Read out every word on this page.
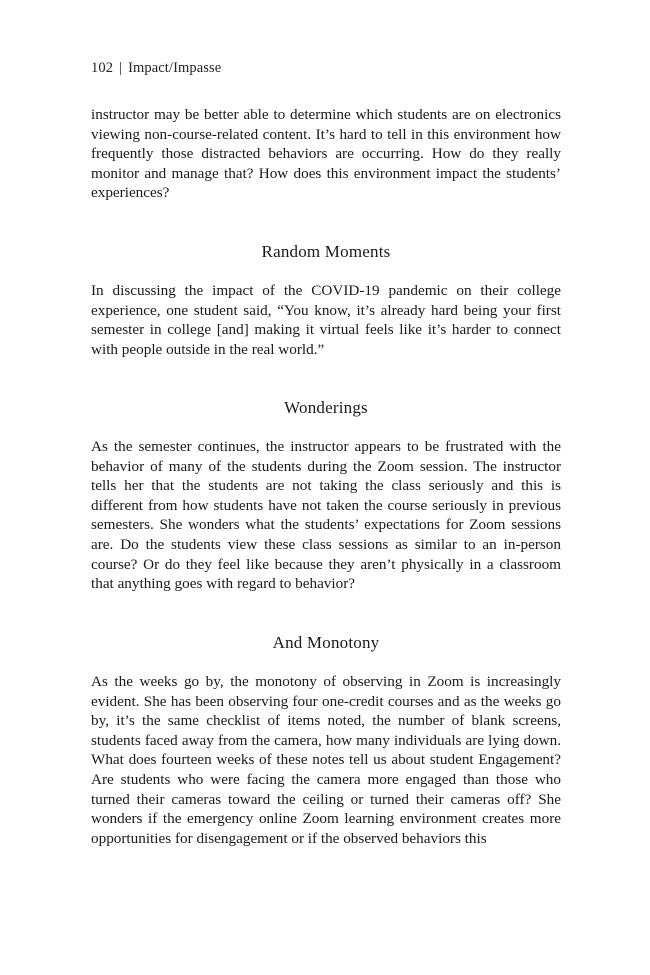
102 | Impact/Impasse

instructor may be better able to determine which students are on electronics viewing non-course-related content. It’s hard to tell in this environment how frequently those distracted behaviors are occurring. How do they really monitor and manage that? How does this environment impact the students’ experiences?

Random Moments

In discussing the impact of the COVID-19 pandemic on their college experience, one student said, “You know, it’s already hard being your first semester in college [and] making it virtual feels like it’s harder to connect with people outside in the real world.”

Wonderings

As the semester continues, the instructor appears to be frustrated with the behavior of many of the students during the Zoom session. The instructor tells her that the students are not taking the class seriously and this is different from how students have not taken the course seriously in previous semesters. She wonders what the students’ expectations for Zoom sessions are. Do the students view these class sessions as similar to an in-person course? Or do they feel like because they aren’t physically in a classroom that anything goes with regard to behavior?

And Monotony

As the weeks go by, the monotony of observing in Zoom is increasingly evident. She has been observing four one-credit courses and as the weeks go by, it’s the same checklist of items noted, the number of blank screens, students faced away from the camera, how many individuals are lying down. What does fourteen weeks of these notes tell us about student Engagement? Are students who were facing the camera more engaged than those who turned their cameras toward the ceiling or turned their cameras off? She wonders if the emergency online Zoom learning environment creates more opportunities for disengagement or if the observed behaviors this
